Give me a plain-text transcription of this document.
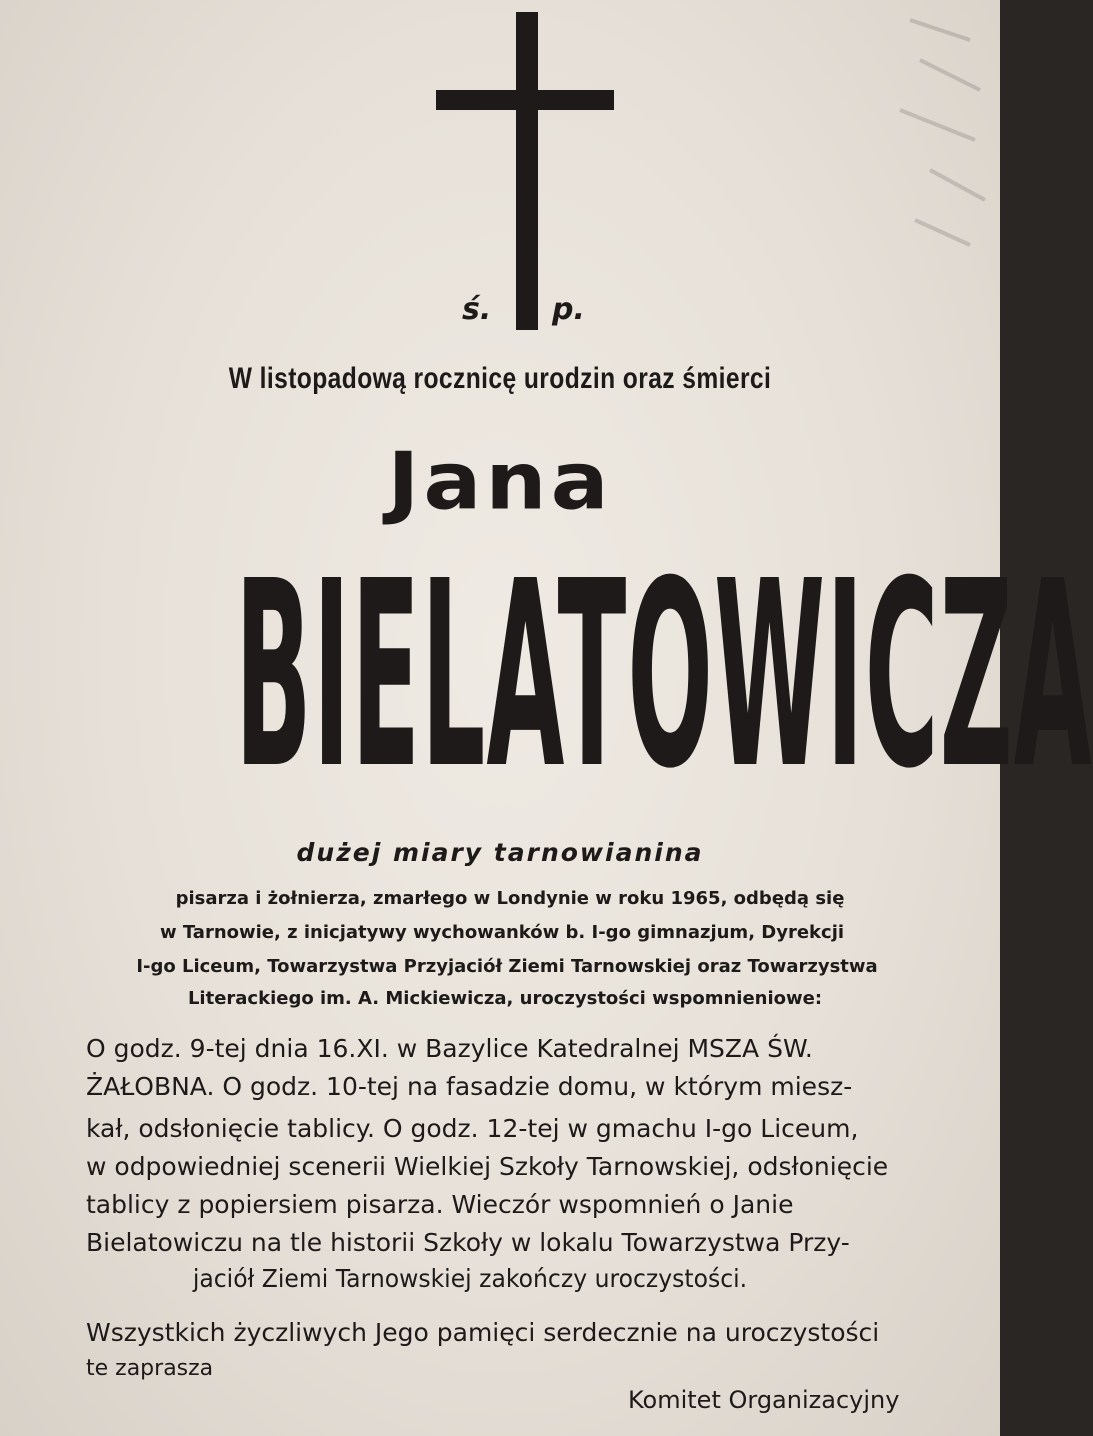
ś. p.
W listopadową rocznicę urodzin oraz śmierci
Jana
BIELATOWICZA
dużej miary tarnowianina
pisarza i żołnierza, zmarłego w Londynie w roku 1965, odbędą się
w Tarnowie, z inicjatywy wychowanków b. I-go gimnazjum, Dyrekcji
I-go Liceum, Towarzystwa Przyjaciół Ziemi Tarnowskiej oraz Towarzystwa
Literackiego im. A. Mickiewicza, uroczystości wspomnieniowe:
O godz. 9-tej dnia 16.XI. w Bazylice Katedralnej MSZA ŚW.
ŻAŁOBNA. O godz. 10-tej na fasadzie domu, w którym miesz-
kał, odsłonięcie tablicy. O godz. 12-tej w gmachu I-go Liceum,
w odpowiedniej scenerii Wielkiej Szkoły Tarnowskiej, odsłonięcie
tablicy z popiersiem pisarza. Wieczór wspomnień o Janie
Bielatowiczu na tle historii Szkoły w lokalu Towarzystwa Przy-
jaciół Ziemi Tarnowskiej zakończy uroczystości.
Wszystkich życzliwych Jego pamięci serdecznie na uroczystości
te zaprasza
Komitet Organizacyjny
